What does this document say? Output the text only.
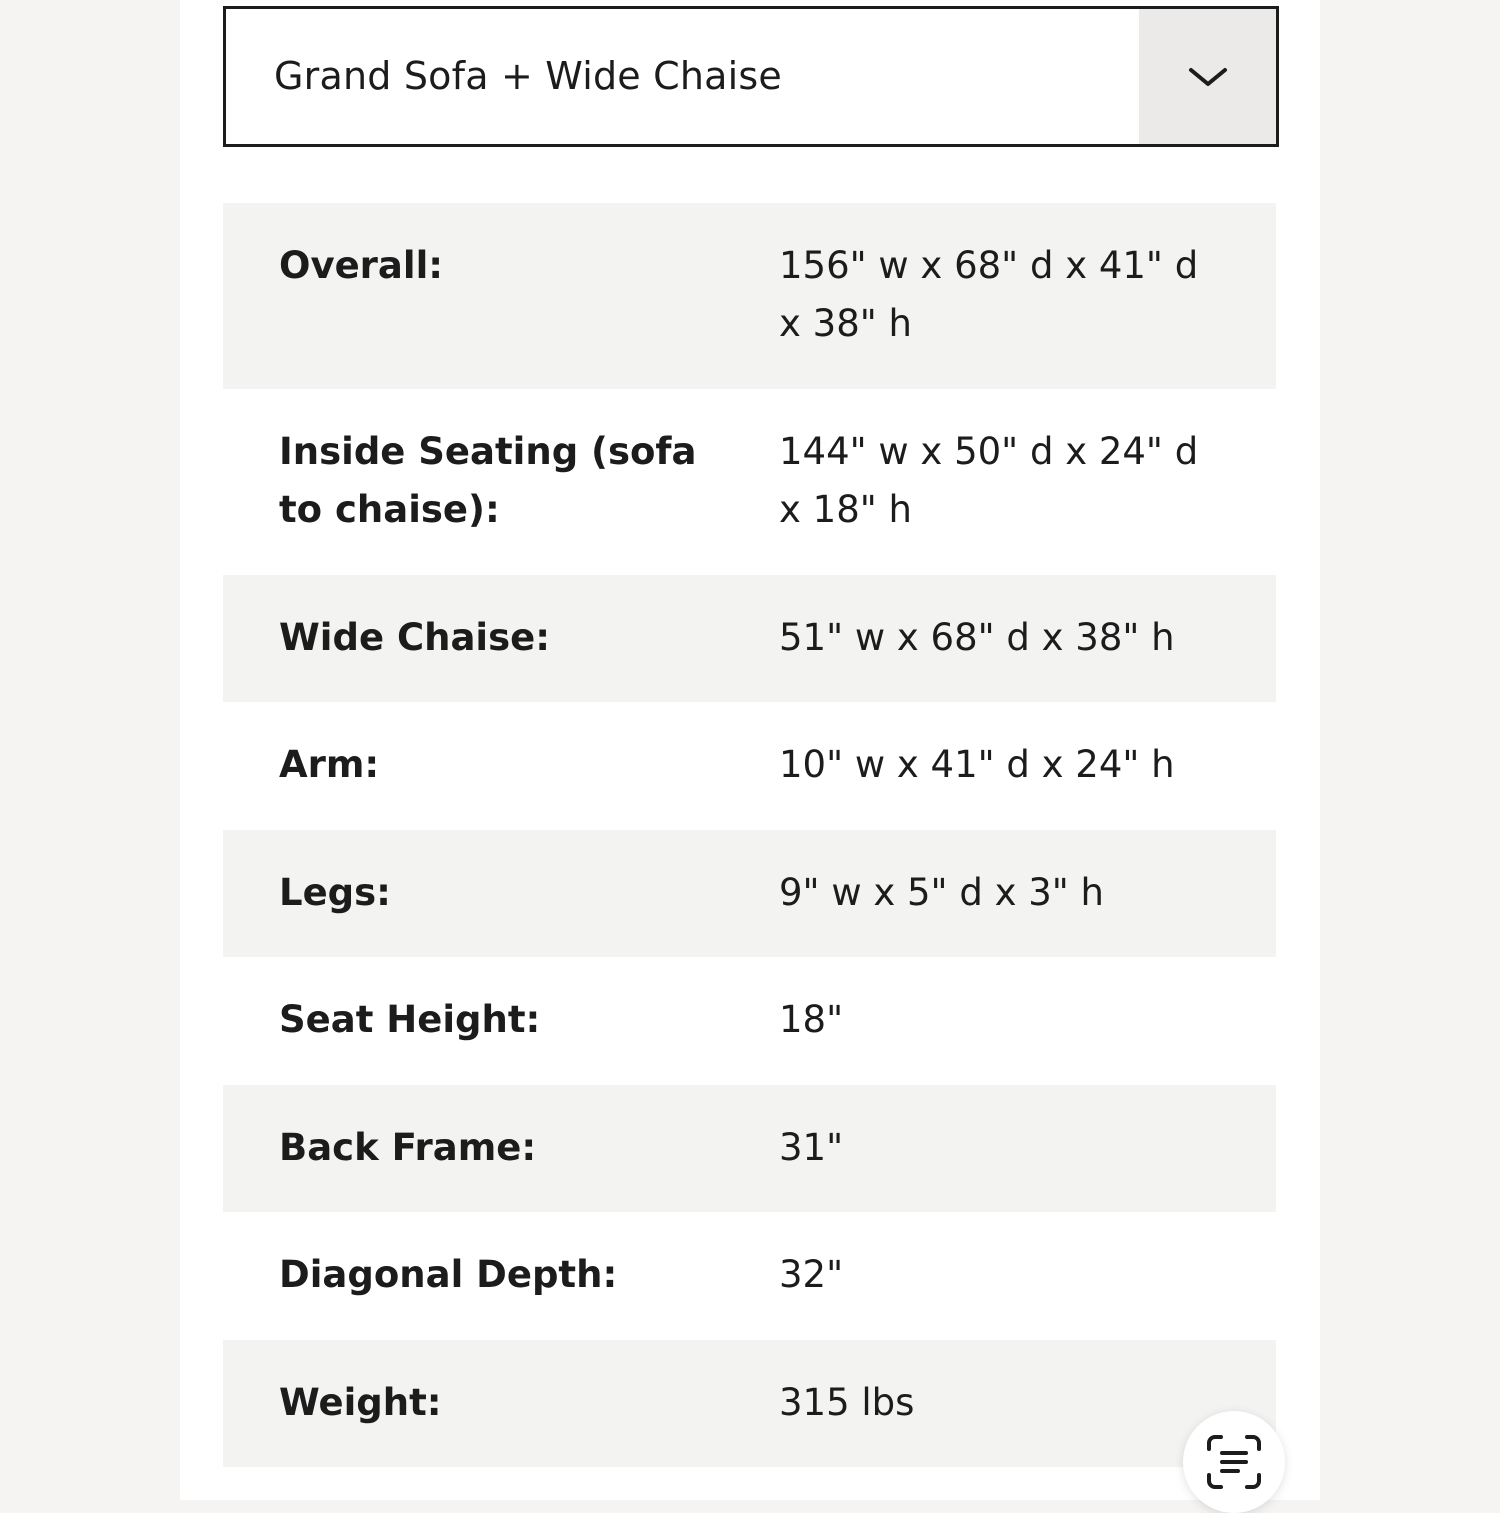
Grand Sofa + Wide Chaise
Overall:	156" w x 68" d x 41" d x 38" h
Inside Seating (sofa to chaise):
144" w x 50" d x 24" d x 18" h
Wide Chaise:	51" w x 68" d x 38" h
Arm:	10" w x 41" d x 24" h
Legs:	9" w x 5" d x 3" h
Seat Height:	18"
Back Frame:	31"
Diagonal Depth:	32"
Weight:	315 lbs
